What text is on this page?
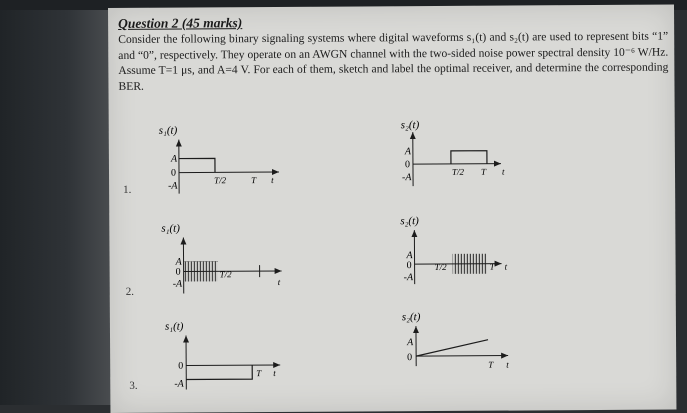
Question 2 (45 marks)
Consider the following binary signaling systems where digital waveforms s₁(t) and s₂(t) are used to represent bits “1” and “0”, respectively. They operate on an AWGN channel with the two-sided noise power spectral density 10⁻⁶ W/Hz. Assume T=1 μs, and A=4 V. For each of them, sketch and label the optimal receiver, and determine the corresponding BER.
1.
2.
3.
s₁(t)
A
0
-A
T/2	T t
s₂(t)
A
0
-A
T/2 T t
s₁(t)
A
0
-A
T/2
t
s₂(t)
A
0
-A
T/2	T t
s₁(t)
0
-A
T t
s₂(t)
A
0
T t
